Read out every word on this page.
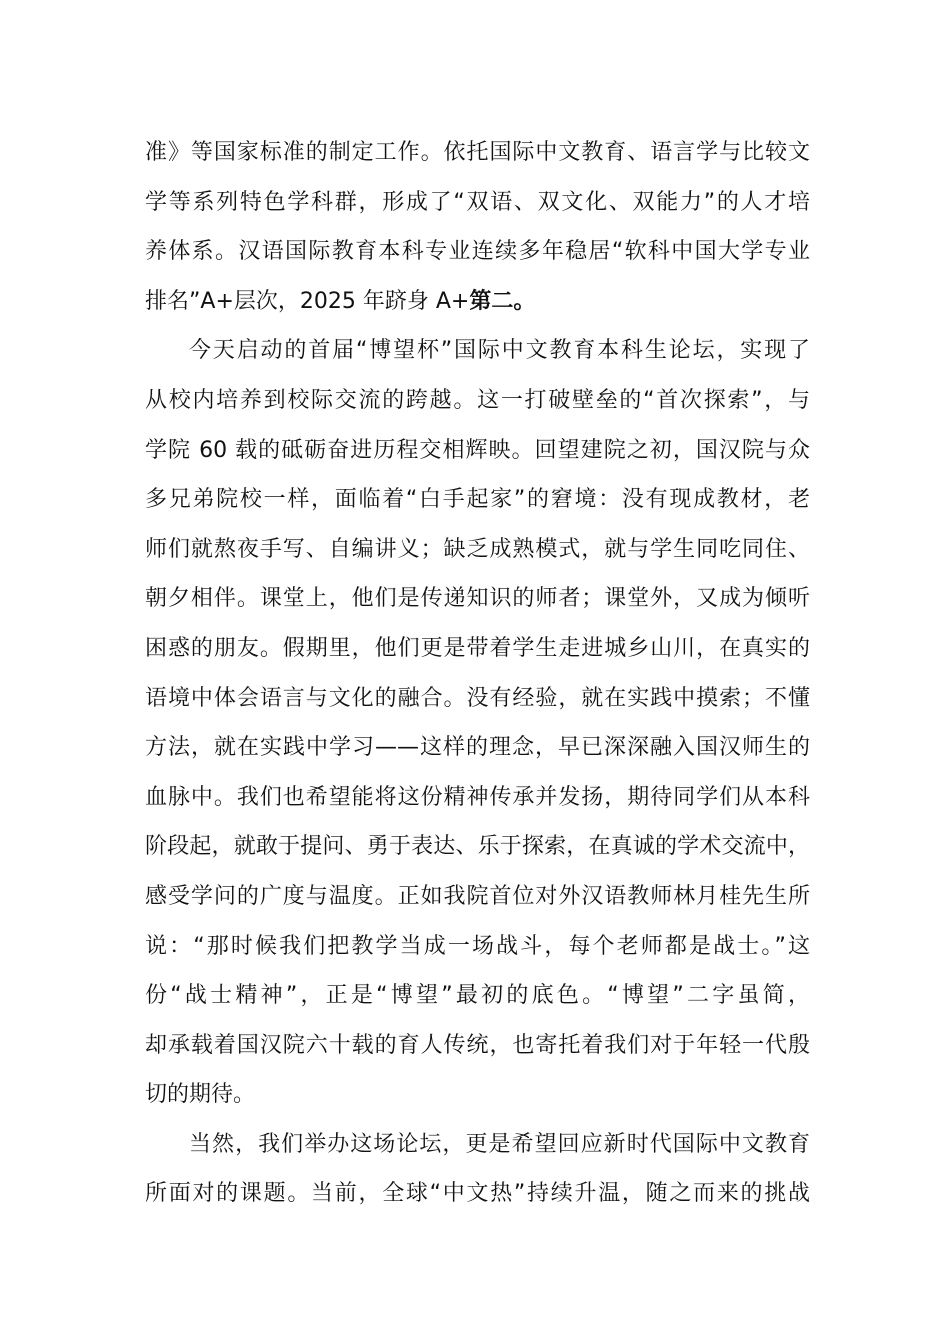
准》等国家标准的制定工作。依托国际中文教育、语言学与比较文
学等系列特色学科群，形成了“双语、双文化、双能力”的人才培
养体系。汉语国际教育本科专业连续多年稳居“软科中国大学专业
排名”A+层次，2025 年跻身 A+第二。
今天启动的首届“博望杯”国际中文教育本科生论坛，实现了
从校内培养到校际交流的跨越。这一打破壁垒的“首次探索”，与
学院 60 载的砥砺奋进历程交相辉映。回望建院之初，国汉院与众
多兄弟院校一样，面临着“白手起家”的窘境：没有现成教材，老
师们就熬夜手写、自编讲义；缺乏成熟模式，就与学生同吃同住、
朝夕相伴。课堂上，他们是传递知识的师者；课堂外，又成为倾听
困惑的朋友。假期里，他们更是带着学生走进城乡山川，在真实的
语境中体会语言与文化的融合。没有经验，就在实践中摸索；不懂
方法，就在实践中学习——这样的理念，早已深深融入国汉师生的
血脉中。我们也希望能将这份精神传承并发扬，期待同学们从本科
阶段起，就敢于提问、勇于表达、乐于探索，在真诚的学术交流中，
感受学问的广度与温度。正如我院首位对外汉语教师林月桂先生所
说：“那时候我们把教学当成一场战斗，每个老师都是战士。”这
份“战士精神”，正是“博望”最初的底色。“博望”二字虽简，
却承载着国汉院六十载的育人传统，也寄托着我们对于年轻一代殷
切的期待。
当然，我们举办这场论坛，更是希望回应新时代国际中文教育
所面对的课题。当前，全球“中文热”持续升温，随之而来的挑战
